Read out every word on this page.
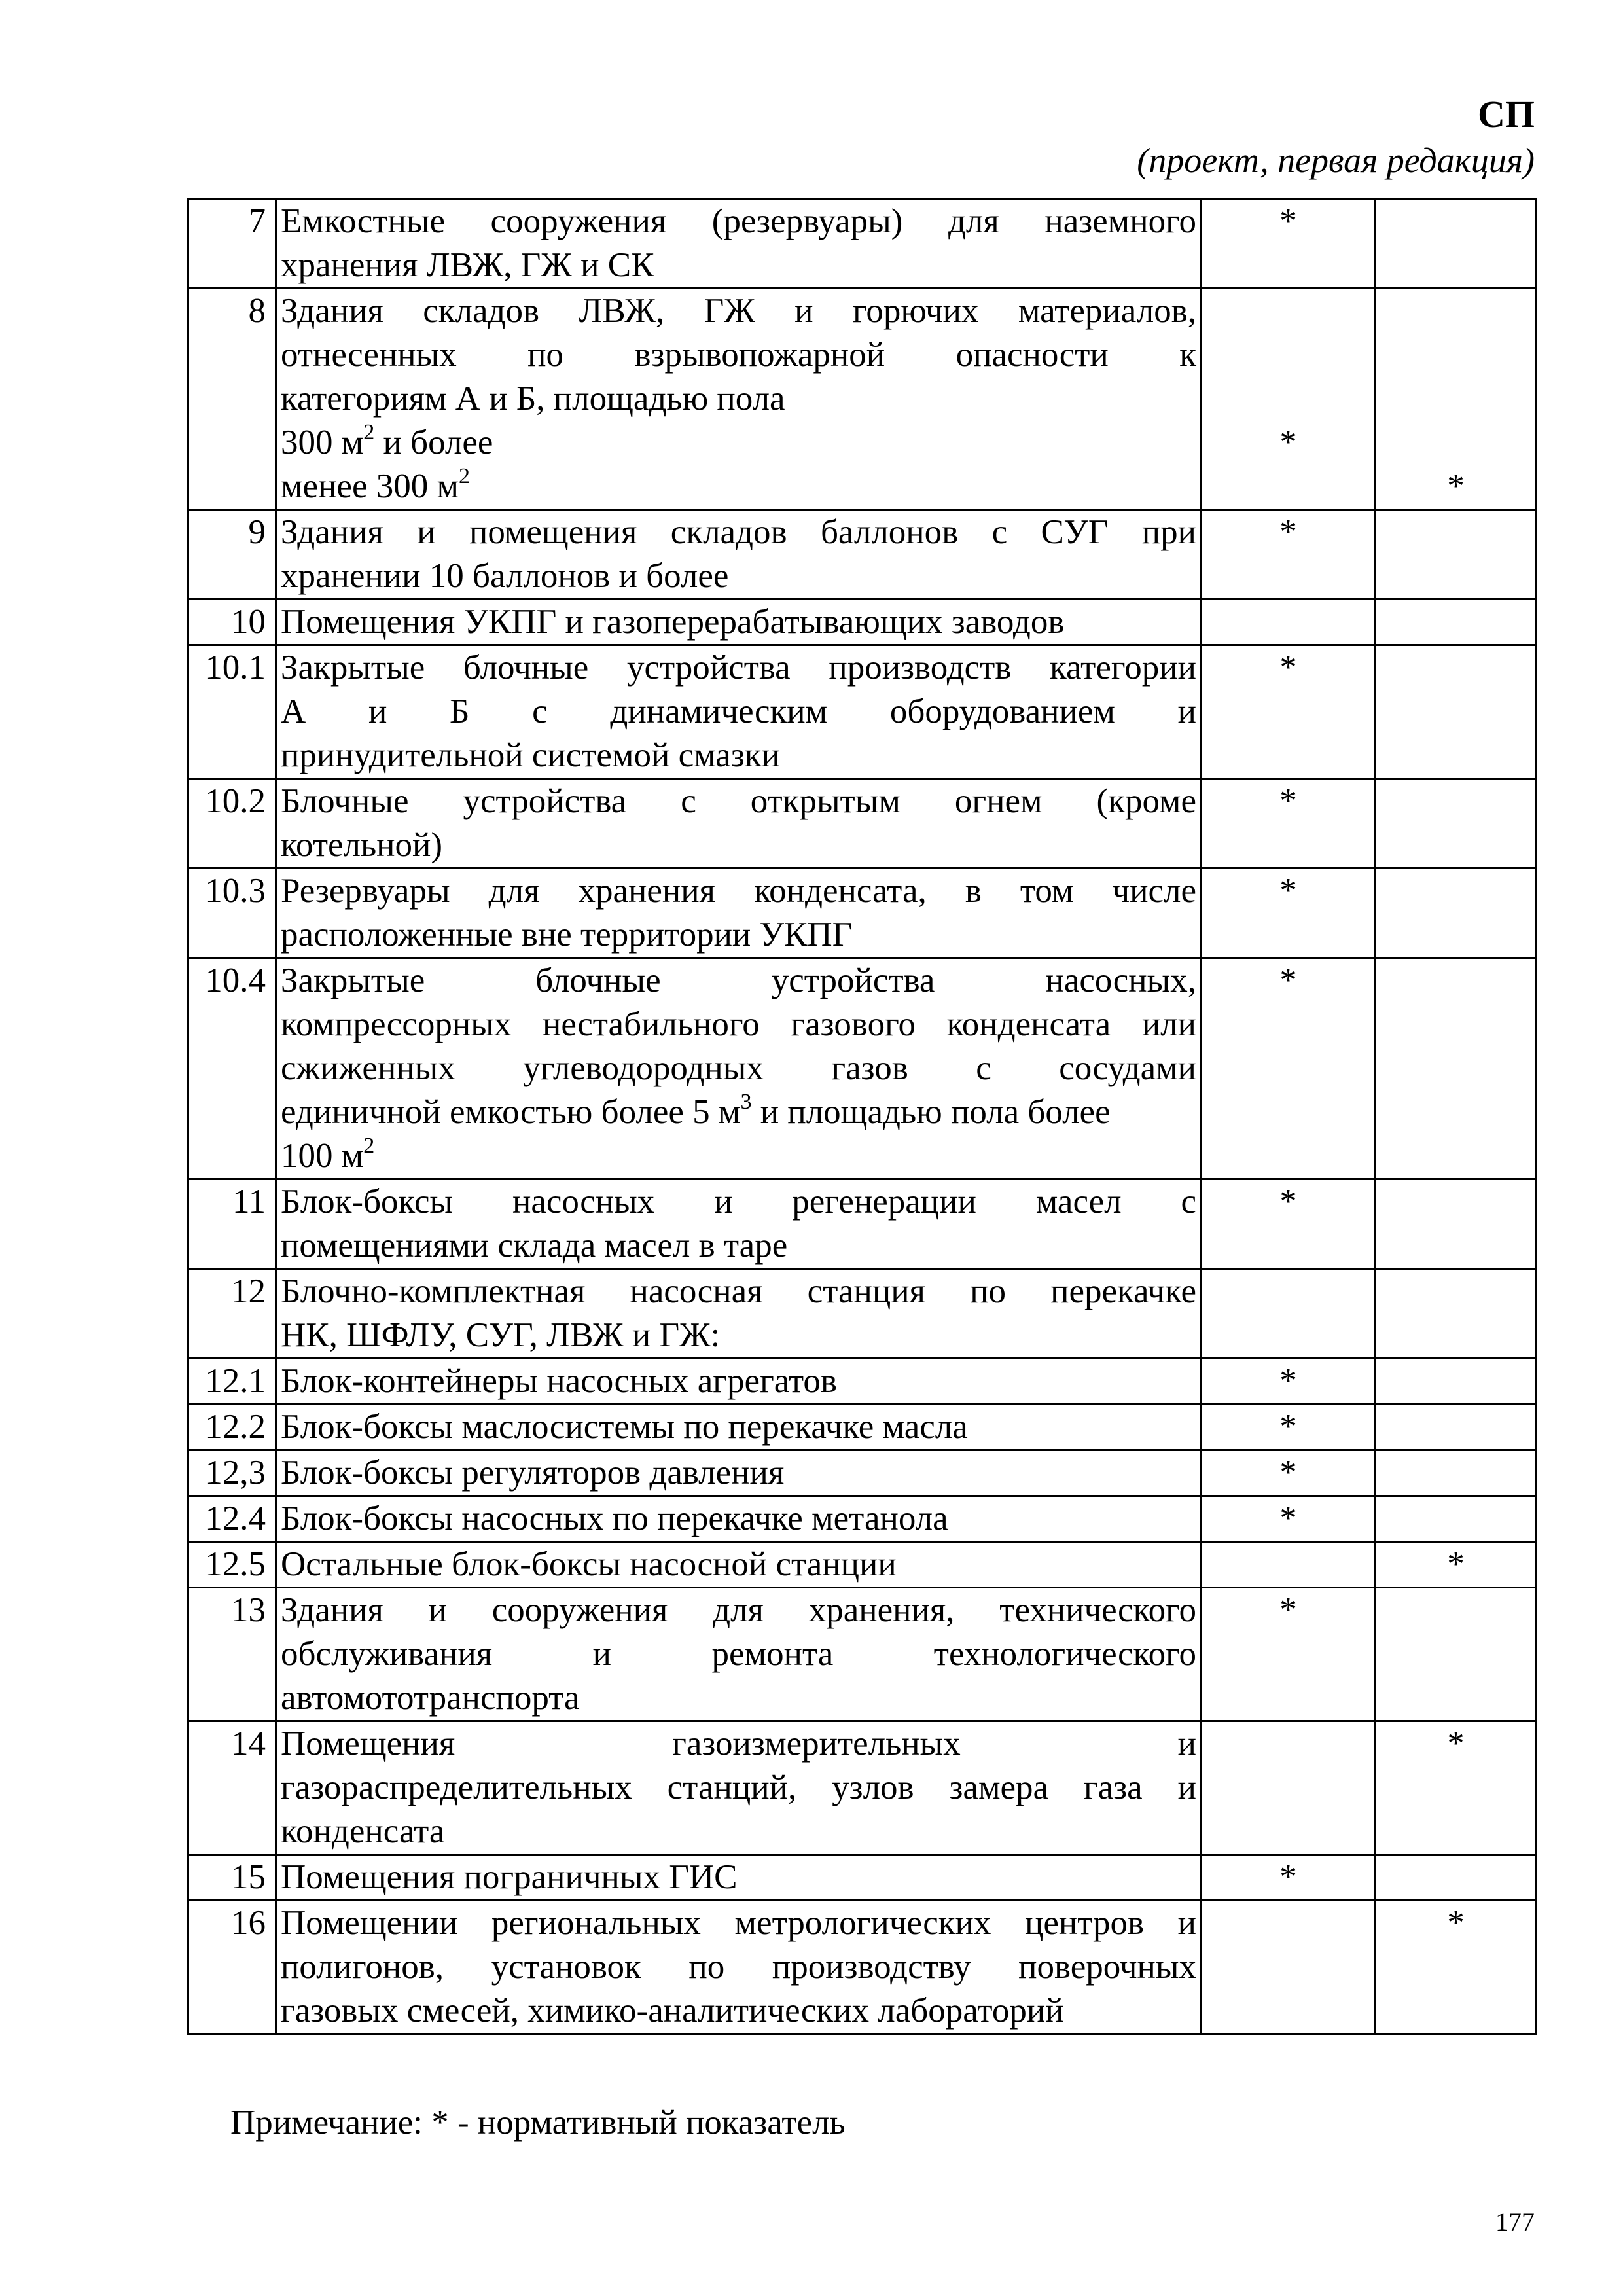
СП
(проект, первая редакция)
7	Емкостные сооружения (резервуары) для наземного
хранения ЛВЖ, ГЖ и СК	*	
8	Здания складов ЛВЖ, ГЖ и горючих материалов,
отнесенных по взрывопожарной опасности к
категориям А и Б, площадью пола
300 $м^2$ и более
менее 300 $м^2$	*	*
9	Здания и помещения складов баллонов с СУГ при
хранении 10 баллонов и более	*	
10	Помещения УКПГ и газоперерабатывающих заводов		

10.1	Закрытые блочные устройства производств категории
А и Б с динамическим оборудованием и
принудительной системой смазки	*	
10.2	Блочные устройства с открытым огнем (кроме
котельной)	*	
10.3	Резервуары для хранения конденсата, в том числе
расположенные вне территории УКПГ	*	
10.4	Закрытые блочные устройства насосных,
компрессорных нестабильного газового конденсата или
сжиженных углеводородных газов с сосудами
единичной емкостью более 5 $м^3$ и площадью пола более
100 $м^2$	*	
11	Блок-боксы насосных и регенерации масел с
помещениями склада масел в таре	*	
12	Блочно-комплектная насосная станция по перекачке
НК, ШФЛУ, СУГ, ЛВЖ и ГЖ:		

12.1	Блок-контейнеры насосных агрегатов	*	
12.2	Блок-боксы маслосистемы по перекачке масла	*	
12,3	Блок-боксы регуляторов давления	*	
12.4	Блок-боксы насосных по перекачке метанола	*	
12.5	Остальные блок-боксы насосной станции		*
13	Здания и сооружения для хранения, технического
обслуживания и ремонта технологического
автомототранспорта	*	
14	Помещения газоизмерительных и
газораспределительных станций, узлов замера газа и
конденсата		*
15	Помещения пограничных ГИС	*	
16	Помещении региональных метрологических центров и
полигонов, установок по производству поверочных
газовых смесей, химико-аналитических лабораторий		*
Примечание: * - нормативный показатель
177
